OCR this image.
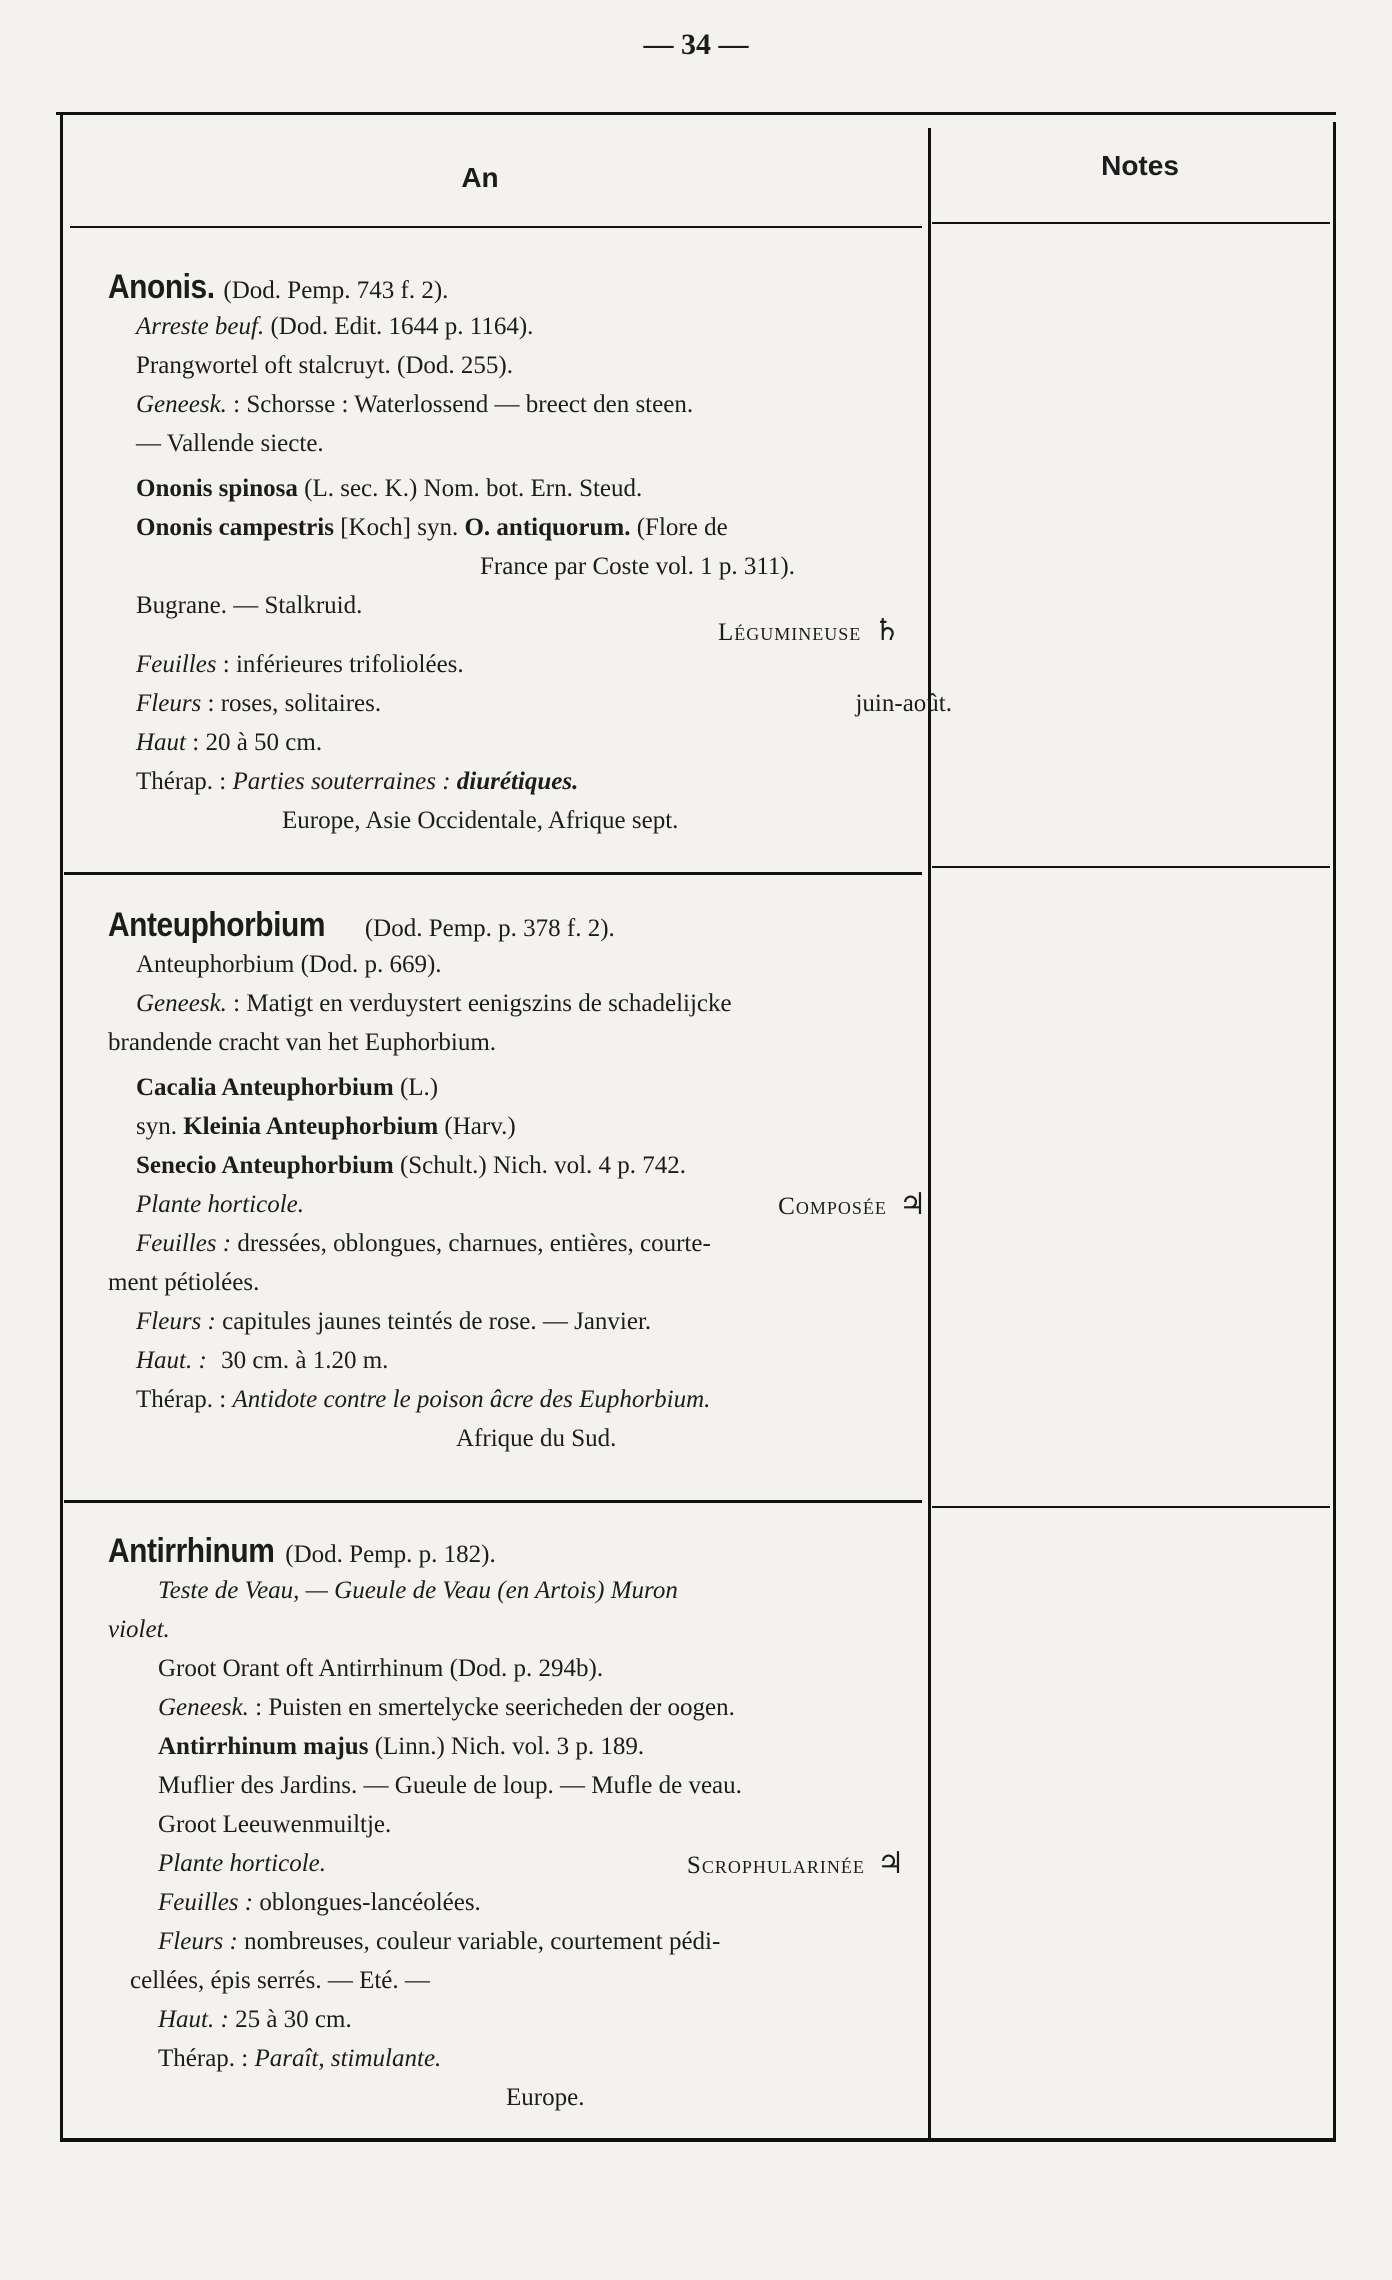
— 34 —
An	Notes
Anonis. (Dod. Pemp. 743 f. 2).
Arreste beuf. (Dod. Edit. 1644 p. 1164).
Prangwortel oft stalcruyt. (Dod. 255).
Geneesk. : Schorsse : Waterlossend — breect den steen.
— Vallende siecte.
Ononis spinosa (L. sec. K.) Nom. bot. Ern. Steud.
Ononis campestris [Koch] syn. O. antiquorum. (Flore de
France par Coste vol. 1 p. 311).
Bugrane. — Stalkruid.
Légumineuse ♄
Feuilles : inférieures trifoliolées.
Fleurs : roses, solitaires.	juin-août.
Haut : 20 à 50 cm.
Thérap. : Parties souterraines : diurétiques.
Europe, Asie Occidentale, Afrique sept.
Anteuphorbium (Dod. Pemp. p. 378 f. 2).
Anteuphorbium (Dod. p. 669).
Geneesk. : Matigt en verduystert eenigszins de schadelijcke
brandende cracht van het Euphorbium.
Cacalia Anteuphorbium (L.)
syn. Kleinia Anteuphorbium (Harv.)
Senecio Anteuphorbium (Schult.) Nich. vol. 4 p. 742.
Plante horticole.	Composée ♃
Feuilles : dressées, oblongues, charnues, entières, courte-
ment pétiolées.
Fleurs : capitules jaunes teintés de rose. — Janvier.
Haut. : 30 cm. à 1.20 m.
Thérap. : Antidote contre le poison âcre des Euphorbium.
Afrique du Sud.
Antirrhinum (Dod. Pemp. p. 182).
Teste de Veau, — Gueule de Veau (en Artois) Muron
violet.
Groot Orant oft Antirrhinum (Dod. p. 294b).
Geneesk. : Puisten en smertelycke seericheden der oogen.
Antirrhinum majus (Linn.) Nich. vol. 3 p. 189.
Muflier des Jardins. — Gueule de loup. — Mufle de veau.
Groot Leeuwenmuiltje.
Plante horticole.	Scrophularinée ♃
Feuilles : oblongues-lancéolées.
Fleurs : nombreuses, couleur variable, courtement pédi-
cellées, épis serrés. — Eté. —
Haut. : 25 à 30 cm.
Thérap. : Paraît, stimulante.
Europe.
